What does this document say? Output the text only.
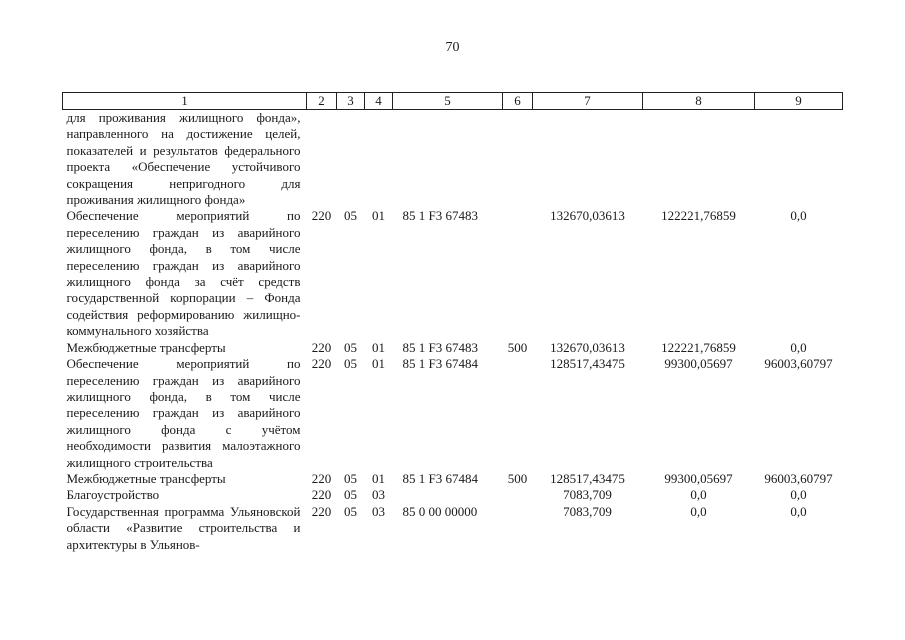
70
1	2	3	4	5	6	7	8	9
для проживания жилищного фонда», направленного на достижение целей, показателей и результатов федерального проекта «Обеспечение устойчивого сокращения непригодного для проживания жилищного фонда»								
Обеспечение мероприятий по переселению граждан из аварийного жилищного фонда, в том числе переселению граждан из аварийного жилищного фонда за счёт средств государственной корпорации – Фонда содействия реформированию жилищно-коммунального хозяйства	220	05	01	85 1 F3 67483		132670,03613	122221,76859	0,0
Межбюджетные трансферты	220	05	01	85 1 F3 67483	500	132670,03613	122221,76859	0,0
Обеспечение мероприятий по переселению граждан из аварийного жилищного фонда, в том числе переселению граждан из аварийного жилищного фонда с учётом необходимости развития малоэтажного жилищного строительства	220	05	01	85 1 F3 67484		128517,43475	99300,05697	96003,60797
Межбюджетные трансферты	220	05	01	85 1 F3 67484	500	128517,43475	99300,05697	96003,60797
Благоустройство	220	05	03			7083,709	0,0	0,0
Государственная программа Ульяновской области «Развитие строительства и архитектуры в Ульянов-	220	05	03	85 0 00 00000		7083,709	0,0	0,0
